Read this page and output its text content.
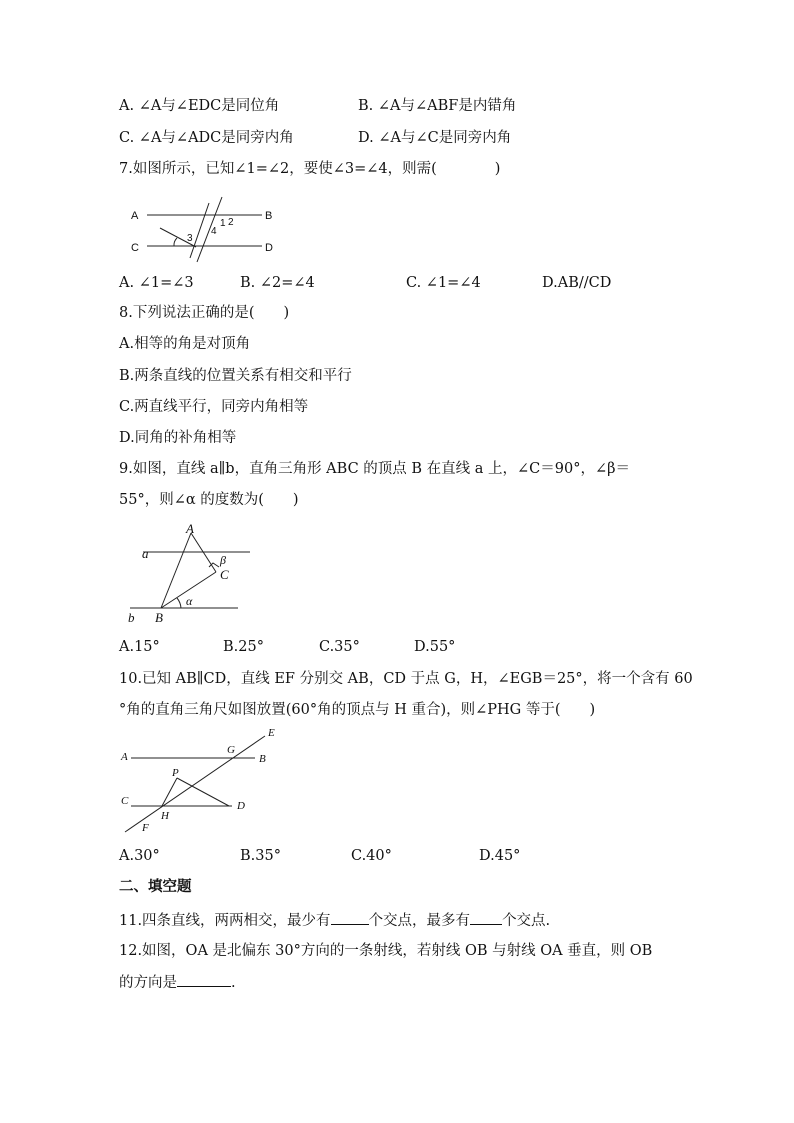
A. ∠A与∠EDC是同位角	B. ∠A与∠ABF是内错角
C. ∠A与∠ADC是同旁内角	D. ∠A与∠C是同旁内角
7.如图所示，已知∠1=∠2，要使∠3=∠4，则需(　　　　)
A	B
C	D
1 2
3
4
A. ∠1=∠3	B. ∠2=∠4	C. ∠1=∠4	D.AB//CD
8.下列说法正确的是(　　)
A.相等的角是对顶角
B.两条直线的位置关系有相交和平行
C.两直线平行，同旁内角相等
D.同角的补角相等
9.如图，直线 a∥b，直角三角形 ABC 的顶点 B 在直线 a 上，∠C＝90°，∠β＝
55°，则∠α 的度数为(　　)
A
B
C
a
b
α
β
A.15°	B.25°	C.35°	D.55°
10.已知 AB∥CD，直线 EF 分别交 AB，CD 于点 G，H，∠EGB＝25°，将一个含有 60
°角的直角三角尺如图放置(60°角的顶点与 H 重合)，则∠PHG 等于(　　)
A	B
C	D
E
F
G
H
P
A.30°	B.35°	C.40°	D.45°
二、填空题
11.四条直线，两两相交，最少有	个交点，最多有 个交点.
12.如图，OA 是北偏东 30°方向的一条射线，若射线 OB 与射线 OA 垂直，则 OB
的方向是	.
